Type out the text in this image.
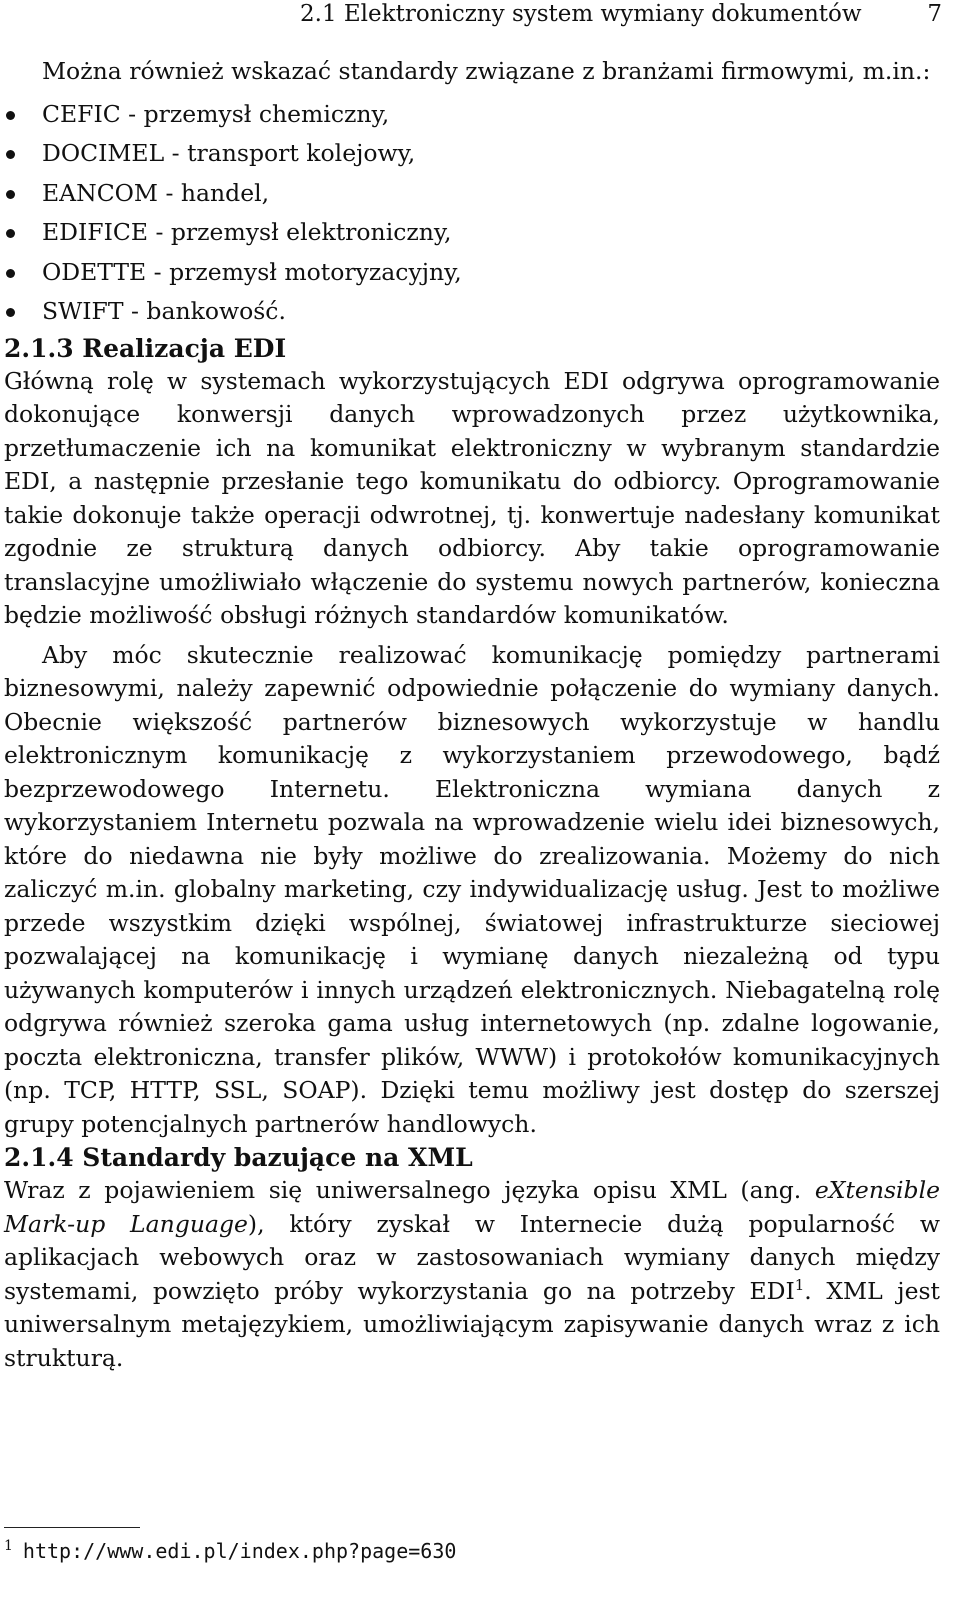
2.1 Elektroniczny system wymiany dokumentów	7

Można również wskazać standardy związane z branżami firmowymi, m.in.:

CEFIC - przemysł chemiczny,
DOCIMEL - transport kolejowy,
EANCOM - handel,
EDIFICE - przemysł elektroniczny,
ODETTE - przemysł motoryzacyjny,
SWIFT - bankowość.
2.1.3 Realizacja EDI

Główną rolę w systemach wykorzystujących EDI odgrywa oprogramowanie dokonujące konwersji danych wprowadzonych przez użytkownika, przetłumaczenie ich na komunikat elektroniczny w wybranym standardzie EDI, a następnie przesłanie tego komunikatu do odbiorcy. Oprogramowanie takie dokonuje także operacji odwrotnej, tj. konwertuje nadesłany komunikat zgodnie ze strukturą danych odbiorcy. Aby takie oprogramowanie translacyjne umożliwiało włączenie do systemu nowych partnerów, konieczna będzie możliwość obsługi różnych standardów komunikatów.

Aby móc skutecznie realizować komunikację pomiędzy partnerami biznesowymi, należy zapewnić odpowiednie połączenie do wymiany danych. Obecnie większość partnerów biznesowych wykorzystuje w handlu elektronicznym komunikację z wykorzystaniem przewodowego, bądź bezprzewodowego Internetu. Elektroniczna wymiana danych z wykorzystaniem Internetu pozwala na wprowadzenie wielu idei biznesowych, które do niedawna nie były możliwe do zrealizowania. Możemy do nich zaliczyć m.in. globalny marketing, czy indywidualizację usług. Jest to możliwe przede wszystkim dzięki wspólnej, światowej infrastrukturze sieciowej pozwalającej na komunikację i wymianę danych niezależną od typu używanych komputerów i innych urządzeń elektronicznych. Niebagatelną rolę odgrywa również szeroka gama usług internetowych (np. zdalne logowanie, poczta elektroniczna, transfer plików, WWW) i protokołów komunikacyjnych (np. TCP, HTTP, SSL, SOAP). Dzięki temu możliwy jest dostęp do szerszej grupy potencjalnych partnerów handlowych.

2.1.4 Standardy bazujące na XML

Wraz z pojawieniem się uniwersalnego języka opisu XML (ang. eXtensible Mark-up Language), który zyskał w Internecie dużą popularność w aplikacjach webowych oraz w zastosowaniach wymiany danych między systemami, powzięto próby wykorzystania go na potrzeby EDI$^1$. XML jest uniwersalnym metajęzykiem, umożliwiającym zapisywanie danych wraz z ich strukturą.

$^1$ http://www.edi.pl/index.php?page=630
